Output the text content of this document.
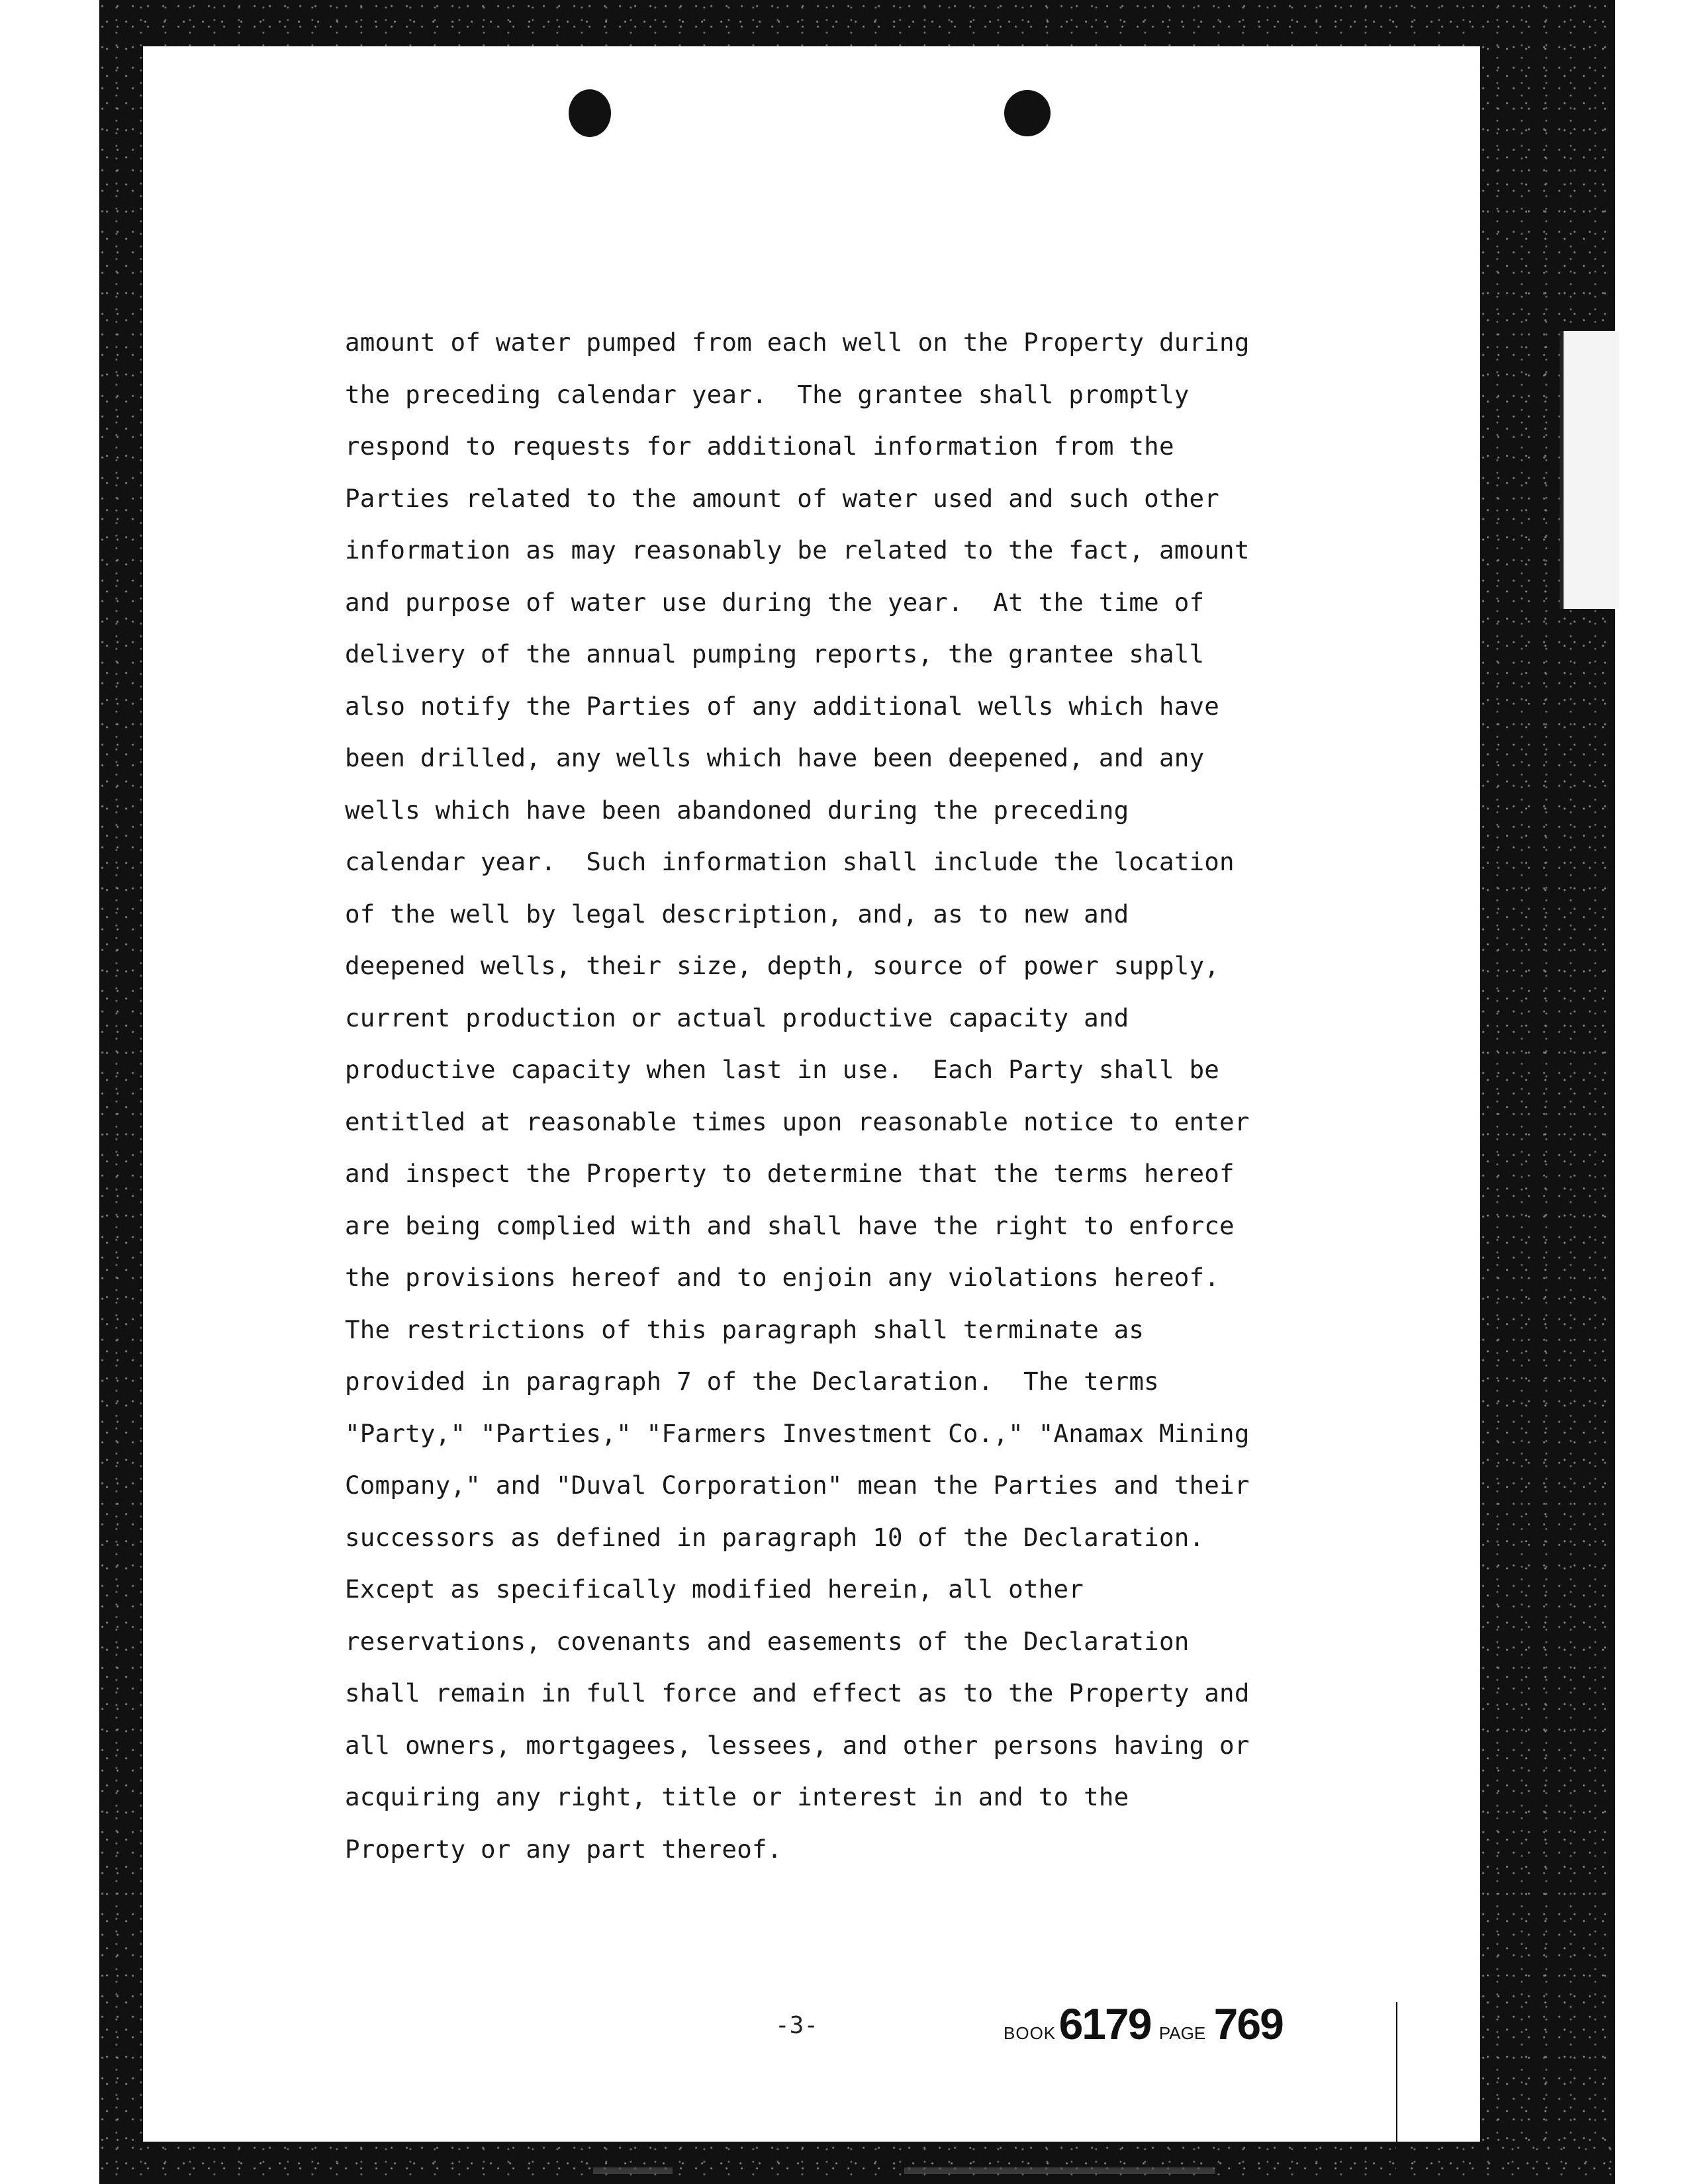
amount of water pumped from each well on the Property during
the preceding calendar year.  The grantee shall promptly
respond to requests for additional information from the
Parties related to the amount of water used and such other
information as may reasonably be related to the fact, amount
and purpose of water use during the year.  At the time of
delivery of the annual pumping reports, the grantee shall
also notify the Parties of any additional wells which have
been drilled, any wells which have been deepened, and any
wells which have been abandoned during the preceding
calendar year.  Such information shall include the location
of the well by legal description, and, as to new and
deepened wells, their size, depth, source of power supply,
current production or actual productive capacity and
productive capacity when last in use.  Each Party shall be
entitled at reasonable times upon reasonable notice to enter
and inspect the Property to determine that the terms hereof
are being complied with and shall have the right to enforce
the provisions hereof and to enjoin any violations hereof.
The restrictions of this paragraph shall terminate as
provided in paragraph 7 of the Declaration.  The terms
"Party," "Parties," "Farmers Investment Co.," "Anamax Mining
Company," and "Duval Corporation" mean the Parties and their
successors as defined in paragraph 10 of the Declaration.
Except as specifically modified herein, all other
reservations, covenants and easements of the Declaration
shall remain in full force and effect as to the Property and
all owners, mortgagees, lessees, and other persons having or
acquiring any right, title or interest in and to the
Property or any part thereof.
-3-	BOOK 6179 PAGE 769
